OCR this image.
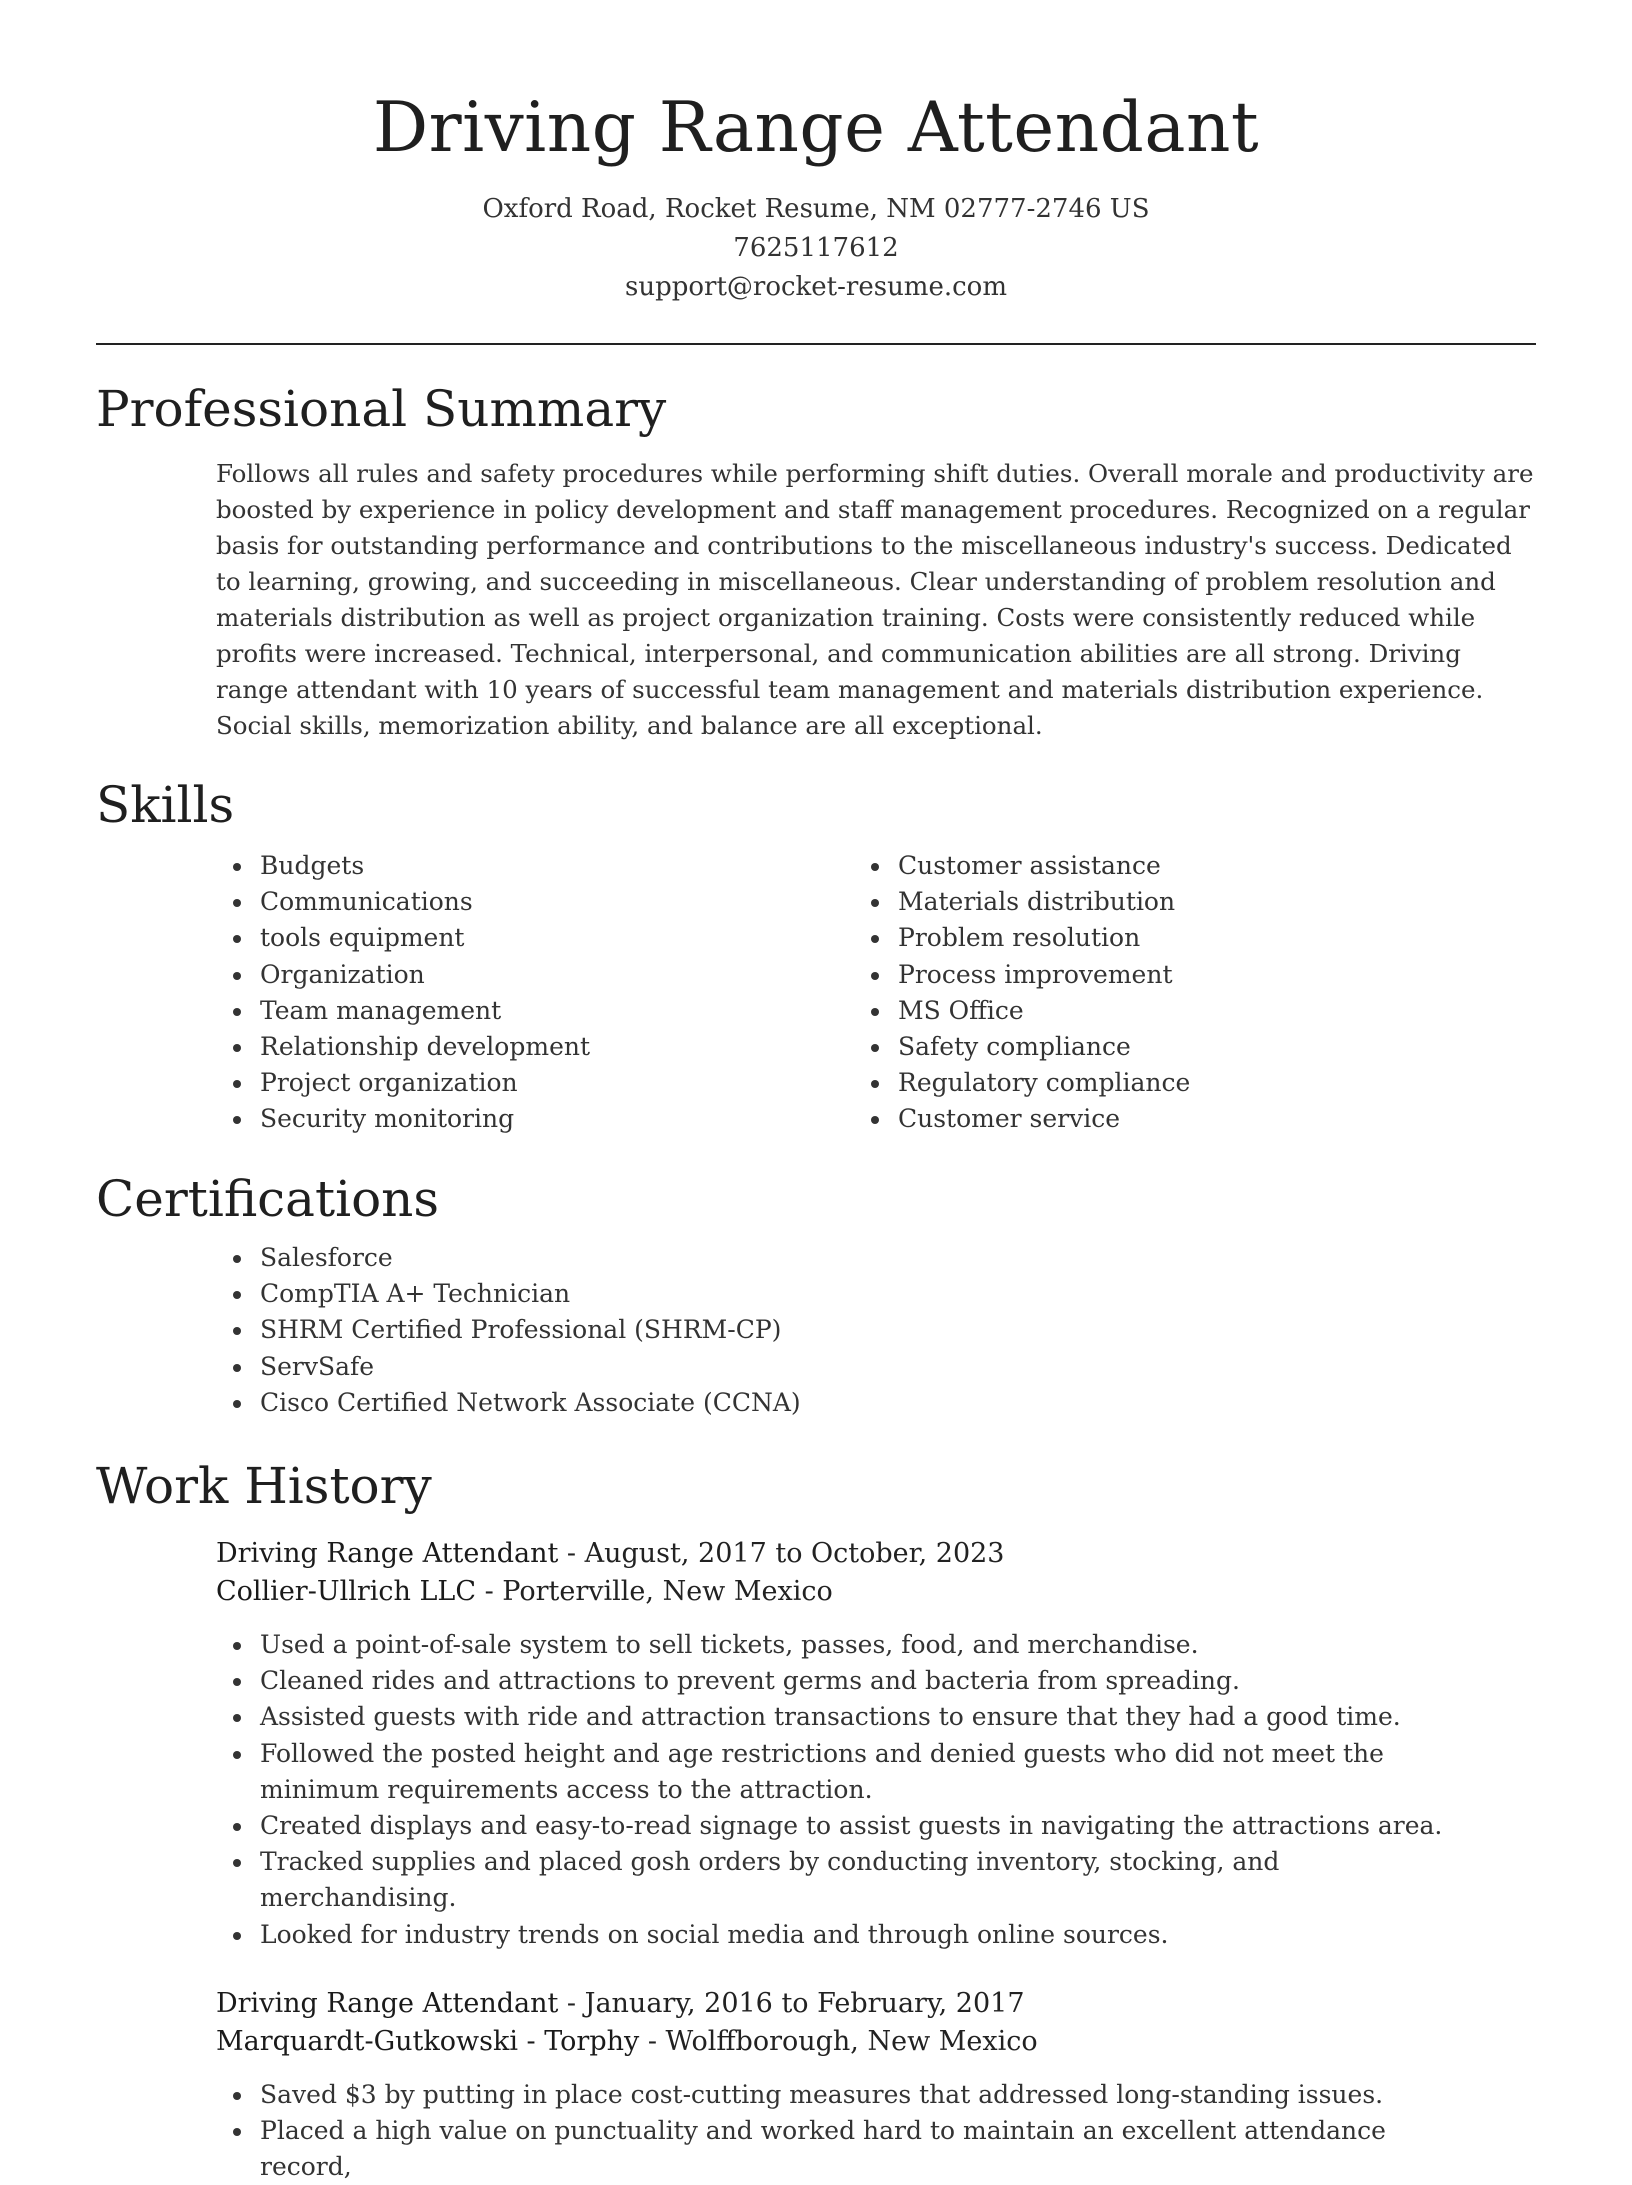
Driving Range Attendant
Oxford Road, Rocket Resume, NM 02777-2746 US
7625117612
support@rocket-resume.com
Professional Summary

Follows all rules and safety procedures while performing shift duties. Overall morale and productivity are boosted by experience in policy development and staff management procedures. Recognized on a regular basis for outstanding performance and contributions to the miscellaneous industry's success. Dedicated to learning, growing, and succeeding in miscellaneous. Clear understanding of problem resolution and materials distribution as well as project organization training. Costs were consistently reduced while profits were increased. Technical, interpersonal, and communication abilities are all strong. Driving range attendant with 10 years of successful team management and materials distribution experience. Social skills, memorization ability, and balance are all exceptional.

Skills
Budgets
Communications
tools equipment
Organization
Team management
Relationship development
Project organization
Security monitoring
Customer assistance
Materials distribution
Problem resolution
Process improvement
MS Office
Safety compliance
Regulatory compliance
Customer service
Certifications
Salesforce
CompTIA A+ Technician
SHRM Certified Professional (SHRM-CP)
ServSafe
Cisco Certified Network Associate (CCNA)
Work History
Driving Range Attendant - August, 2017 to October, 2023
Collier-Ullrich LLC - Porterville, New Mexico
Used a point-of-sale system to sell tickets, passes, food, and merchandise.
Cleaned rides and attractions to prevent germs and bacteria from spreading.
Assisted guests with ride and attraction transactions to ensure that they had a good time.
Followed the posted height and age restrictions and denied guests who did not meet the minimum requirements access to the attraction.
Created displays and easy-to-read signage to assist guests in navigating the attractions area.
Tracked supplies and placed gosh orders by conducting inventory, stocking, and merchandising.
Looked for industry trends on social media and through online sources.
Driving Range Attendant - January, 2016 to February, 2017
Marquardt-Gutkowski - Torphy - Wolffborough, New Mexico
Saved $3 by putting in place cost-cutting measures that addressed long-standing issues.
Placed a high value on punctuality and worked hard to maintain an excellent attendance record,
